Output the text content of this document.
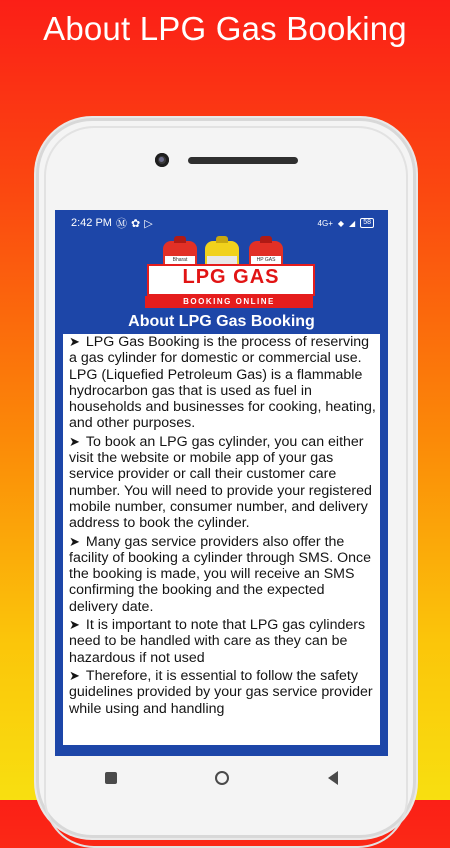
About LPG Gas Booking
2:42 PM Ⓜ ✿ ▷	4G+ ◆ ◢	58
Bharat	HP GAS
LPG GAS
BOOKING ONLINE
About LPG Gas Booking

➤ LPG Gas Booking is the process of reserving a gas cylinder for domestic or commercial use. LPG (Liquefied Petroleum Gas) is a flammable hydrocarbon gas that is used as fuel in households and businesses for cooking, heating, and other purposes.

➤ To book an LPG gas cylinder, you can either visit the website or mobile app of your gas service provider or call their customer care number. You will need to provide your registered mobile number, consumer number, and delivery address to book the cylinder.

➤ Many gas service providers also offer the facility of booking a cylinder through SMS. Once the booking is made, you will receive an SMS confirming the booking and the expected delivery date.

➤ It is important to note that LPG gas cylinders need to be handled with care as they can be hazardous if not used

➤ Therefore, it is essential to follow the safety guidelines provided by your gas service provider while using and handling
